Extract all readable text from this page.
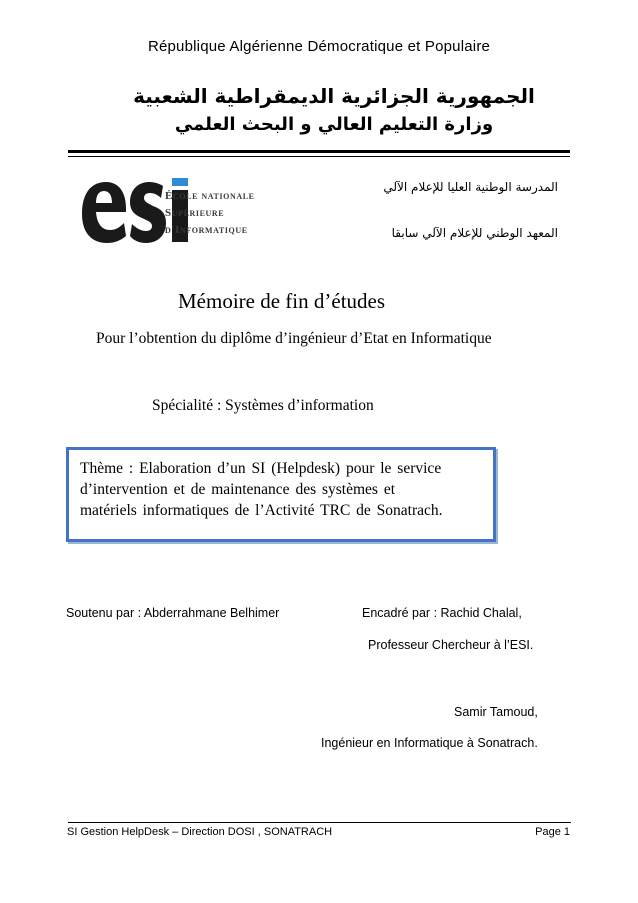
République Algérienne Démocratique et Populaire
الجمهورية الجزائرية الديمقراطية الشعبية
وزارة التعليم العالي و البحث العلمي
École nationale
Supérieure
d'Informatique
المدرسة الوطنية العليا للإعلام الآلي
المعهد الوطني للإعلام الآلي سابقا
Mémoire de fin d’études
Pour l’obtention du diplôme d’ingénieur d’Etat en Informatique
Spécialité : Systèmes d’information
Thème : Elaboration d’un SI (Helpdesk) pour le service
d’intervention et de maintenance des systèmes et
matériels informatiques de l’Activité TRC de Sonatrach.
Soutenu par : Abderrahmane Belhimer	Encadré par : Rachid Chalal,
Professeur Chercheur à l’ESI.
Samir Tamoud,
Ingénieur en Informatique à Sonatrach.
SI Gestion HelpDesk – Direction DOSI , SONATRACH	Page 1
